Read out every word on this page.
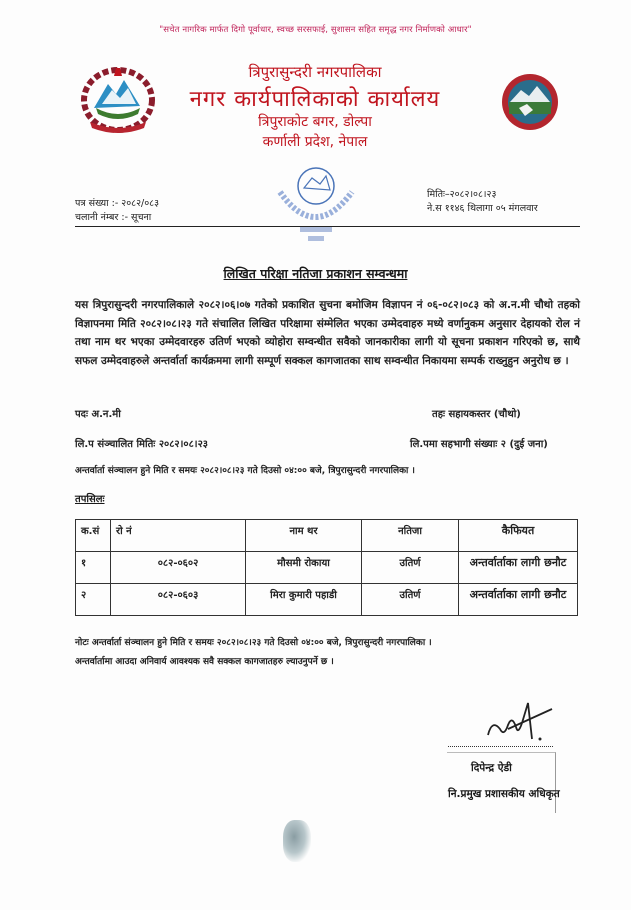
"सचेत नागरिक मार्फत दिगो पूर्वाधार, स्वच्छ सरसफाई, सुशासन सहित समृद्ध नगर निर्माणको आधार"
त्रिपुरासुन्दरी नगरपालिका
नगर कार्यपालिकाको कार्यालय
त्रिपुराकोट बगर, डोल्पा
कर्णाली प्रदेश, नेपाल
पत्र संख्या :- २०८२/०८३
चलानी नंम्बर :- सूचना
मितिः–२०८२।०८।२३
ने.स ११४६ थिलागा ०५ मंगलवार
लिखित परिक्षा नतिजा प्रकाशन सम्वन्धमा
यस त्रिपुरासुन्दरी नगरपालिकाले २०८२।०६।०७ गतेको प्रकाशित सुचना बमोजिम विज्ञापन नं ०६-०८२।०८३ को अ.न.मी चौथो तहको विज्ञापनमा मिति २०८२।०८।२३ गते संचालित लिखित परिक्षामा संम्मेलित भएका उम्मेदवाहरु मध्ये वर्णानुकम अनुसार देहायको रोल नं तथा नाम थर भएका उम्मेदवारहरु उतिर्ण भएको व्योहोरा सम्वन्धीत सवैको जानकारीका लागी यो सूचना प्रकाशन गरिएको छ, साथै सफल उम्मेदवाहरुले अन्तर्वार्ता कार्यक्रममा लागी सम्पूर्ण सक्कल कागजातका साथ सम्वन्धीत निकायमा सम्पर्क राख्नुहुन अनुरोध छ ।
पदः अ.न.मी	तहः सहायकस्तर (चौथो)
लि.प संञ्चालित मितिः २०८२।०८।२३	लि.पमा सहभागी संख्याः २ (दुई जना)
अन्तर्वार्ता संञ्चालन हुने मिति र समयः २०८२।०८।२३ गते दिउसो ०४:०० बजे, त्रिपुरासुन्दरी नगरपालिका ।
तपसिलः
क.सं	रो नं	नाम थर	नतिजा	कैफियत
१	०८२-०६०२	मौसमी रोकाया	उतिर्ण	अन्तर्वार्ताका लागी छनौट
२	०८२-०६०३	मिरा कुमारी पहाडी	उतिर्ण	अन्तर्वार्ताका लागी छनौट
नोटः अन्तर्वार्ता संञ्चालन हुने मिति र समयः २०८२।०८।२३ गते दिउसो ०४:०० बजे, त्रिपुरासुन्दरी नगरपालिका ।
अन्तर्वार्तामा आउदा अनिवार्य आवश्यक सवै सक्कल कागजातहरु ल्याउनुपर्ने छ ।
दिपेन्द्र ऐडी
नि.प्रमुख प्रशासकीय अधिकृत
